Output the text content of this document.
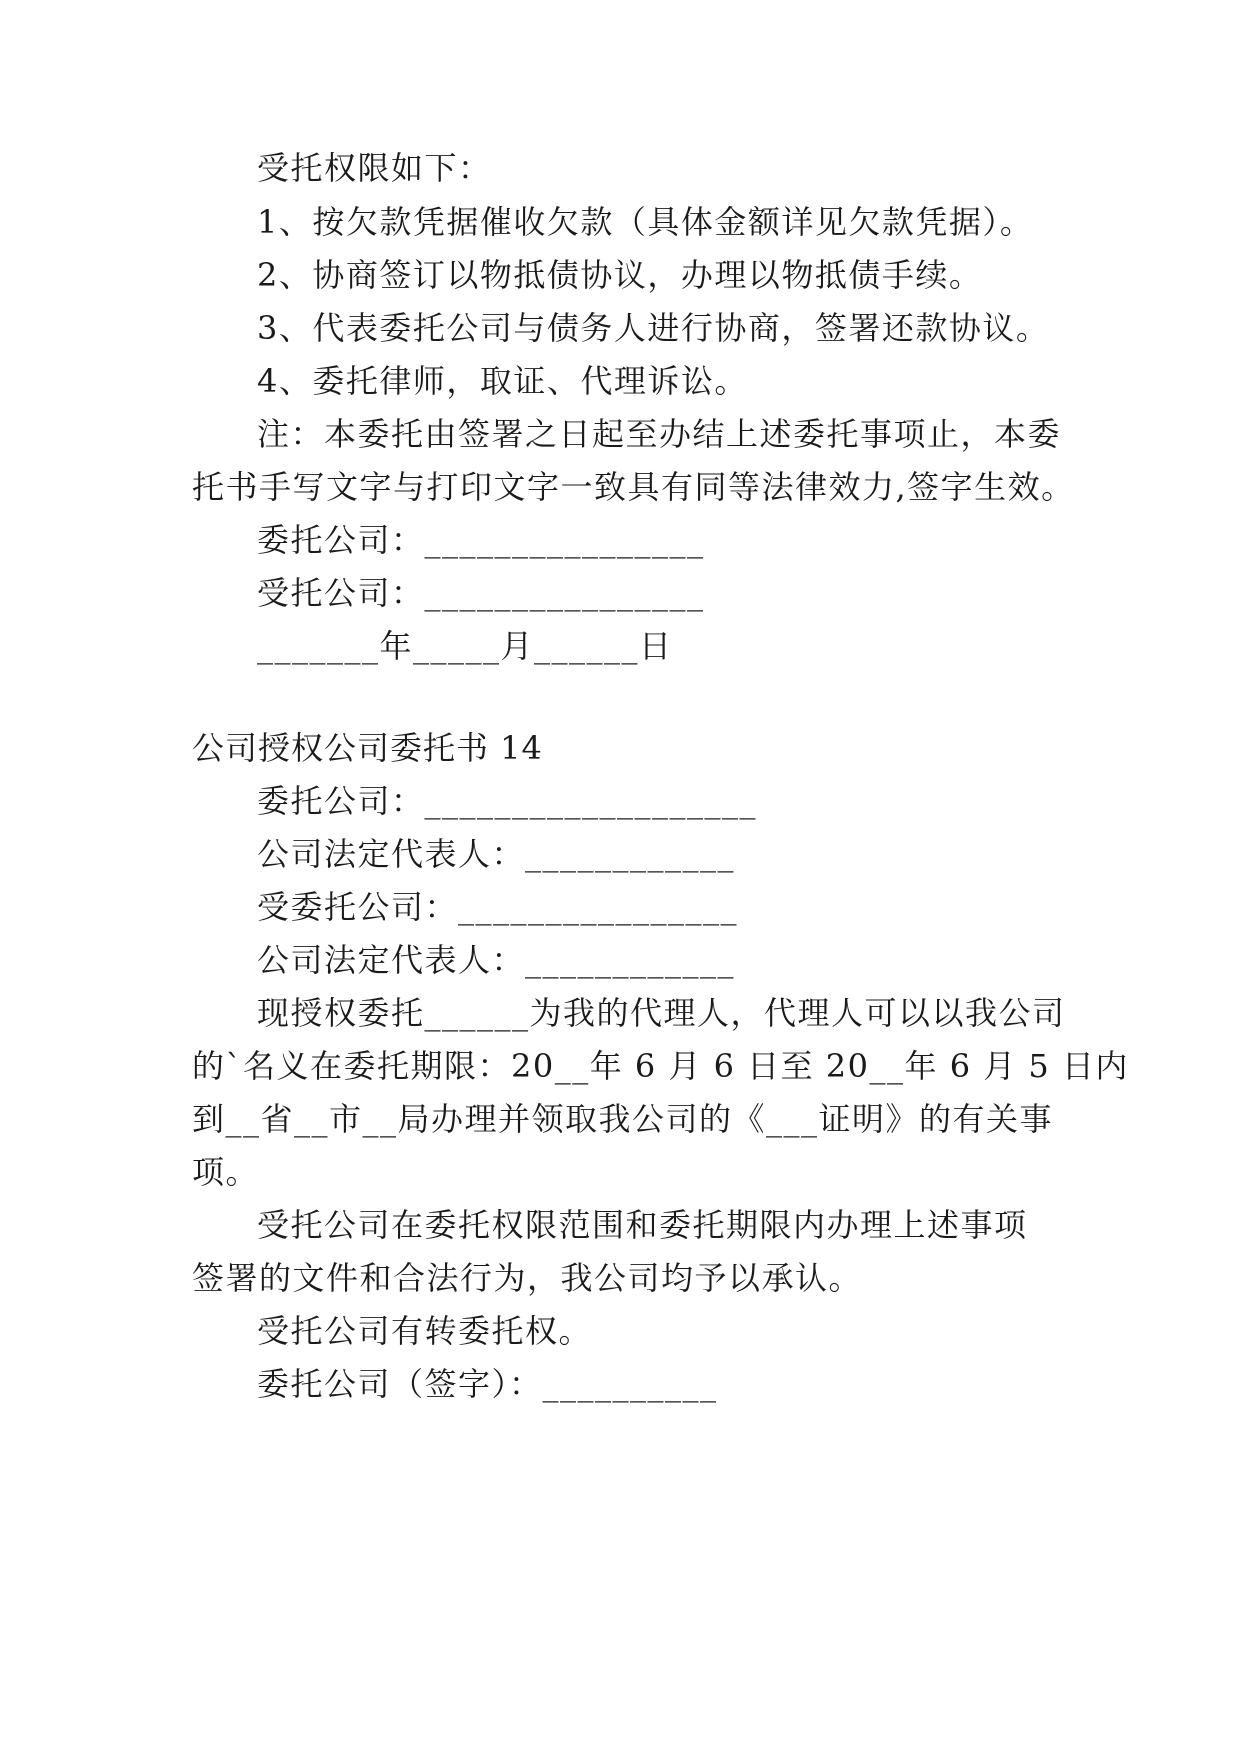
受托权限如下：
1、按欠款凭据催收欠款（具体金额详见欠款凭据）。
2、协商签订以物抵债协议，办理以物抵债手续。
3、代表委托公司与债务人进行协商，签署还款协议。
4、委托律师，取证、代理诉讼。
注：本委托由签署之日起至办结上述委托事项止，本委
托书手写文字与打印文字一致具有同等法律效力,签字生效。
委托公司：________________
受托公司：________________
_______年_____月______日
公司授权公司委托书 14
委托公司：___________________
公司法定代表人：____________
受委托公司：________________
公司法定代表人：____________
现授权委托______为我的代理人，代理人可以以我公司
的`名义在委托期限：20__年 6 月 6 日至 20__年 6 月 5 日内
到__省__市__局办理并领取我公司的《___证明》的有关事
项。
受托公司在委托权限范围和委托期限内办理上述事项
签署的文件和合法行为，我公司均予以承认。
受托公司有转委托权。
委托公司（签字）：__________
